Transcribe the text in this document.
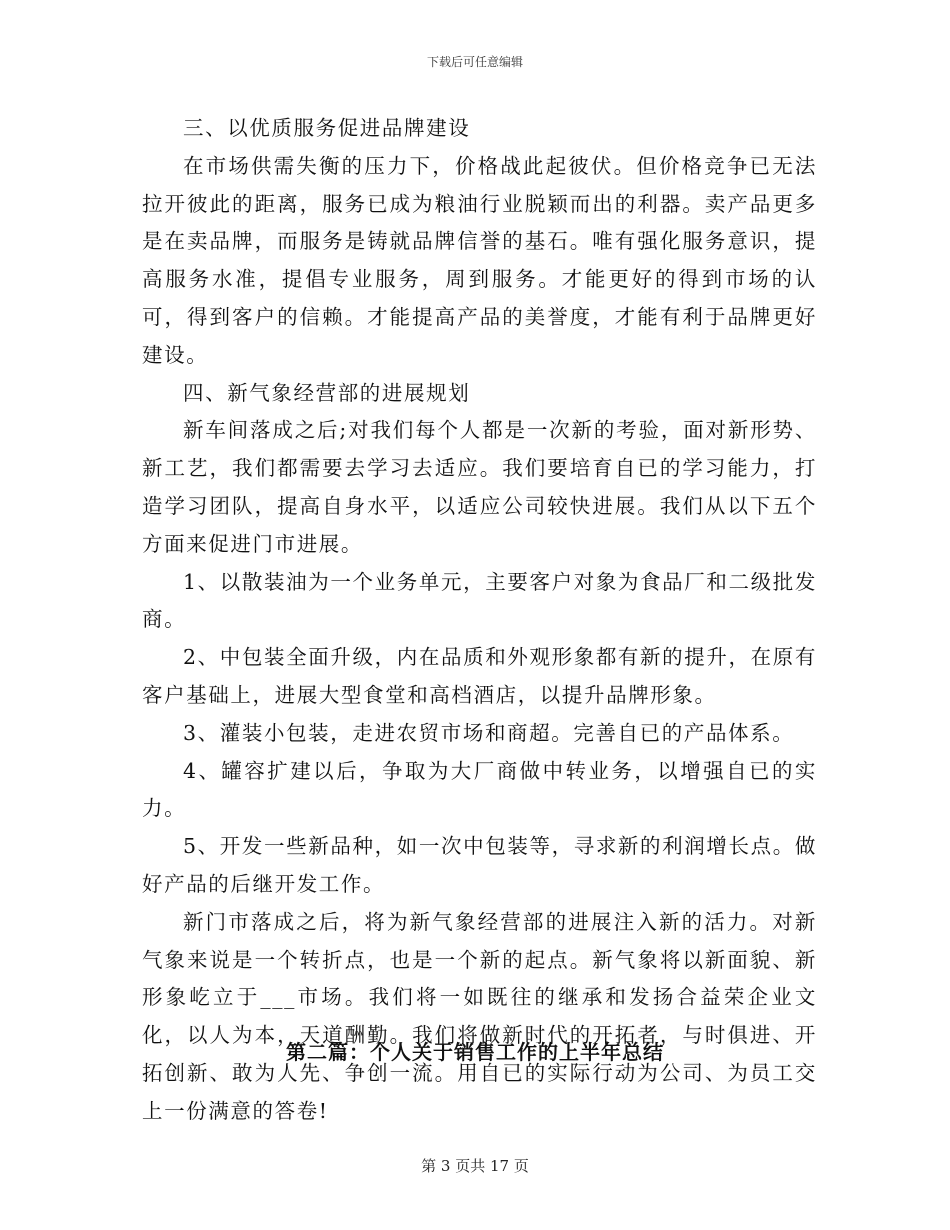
下载后可任意编辑

三、以优质服务促进品牌建设

在市场供需失衡的压力下，价格战此起彼伏。但价格竞争已无法拉开彼此的距离，服务已成为粮油行业脱颖而出的利器。卖产品更多是在卖品牌，而服务是铸就品牌信誉的基石。唯有强化服务意识，提高服务水准，提倡专业服务，周到服务。才能更好的得到市场的认可，得到客户的信赖。才能提高产品的美誉度，才能有利于品牌更好建设。

四、新气象经营部的进展规划

新车间落成之后;对我们每个人都是一次新的考验，面对新形势、新工艺，我们都需要去学习去适应。我们要培育自已的学习能力，打造学习团队，提高自身水平，以适应公司较快进展。我们从以下五个方面来促进门市进展。

1、以散装油为一个业务单元，主要客户对象为食品厂和二级批发商。

2、中包装全面升级，内在品质和外观形象都有新的提升，在原有客户基础上，进展大型食堂和高档酒店，以提升品牌形象。

3、灌装小包装，走进农贸市场和商超。完善自已的产品体系。

4、罐容扩建以后，争取为大厂商做中转业务，以增强自已的实力。

5、开发一些新品种，如一次中包装等，寻求新的利润增长点。做好产品的后继开发工作。

新门市落成之后，将为新气象经营部的进展注入新的活力。对新气象来说是一个转折点，也是一个新的起点。新气象将以新面貌、新形象屹立于___市场。我们将一如既往的继承和发扬合益荣企业文化，以人为本，天道酬勤。我们将做新时代的开拓者，与时俱进、开拓创新、敢为人先、争创一流。用自已的实际行动为公司、为员工交上一份满意的答卷!

第二篇：个人关于销售工作的上半年总结
第 3 页共 17 页
